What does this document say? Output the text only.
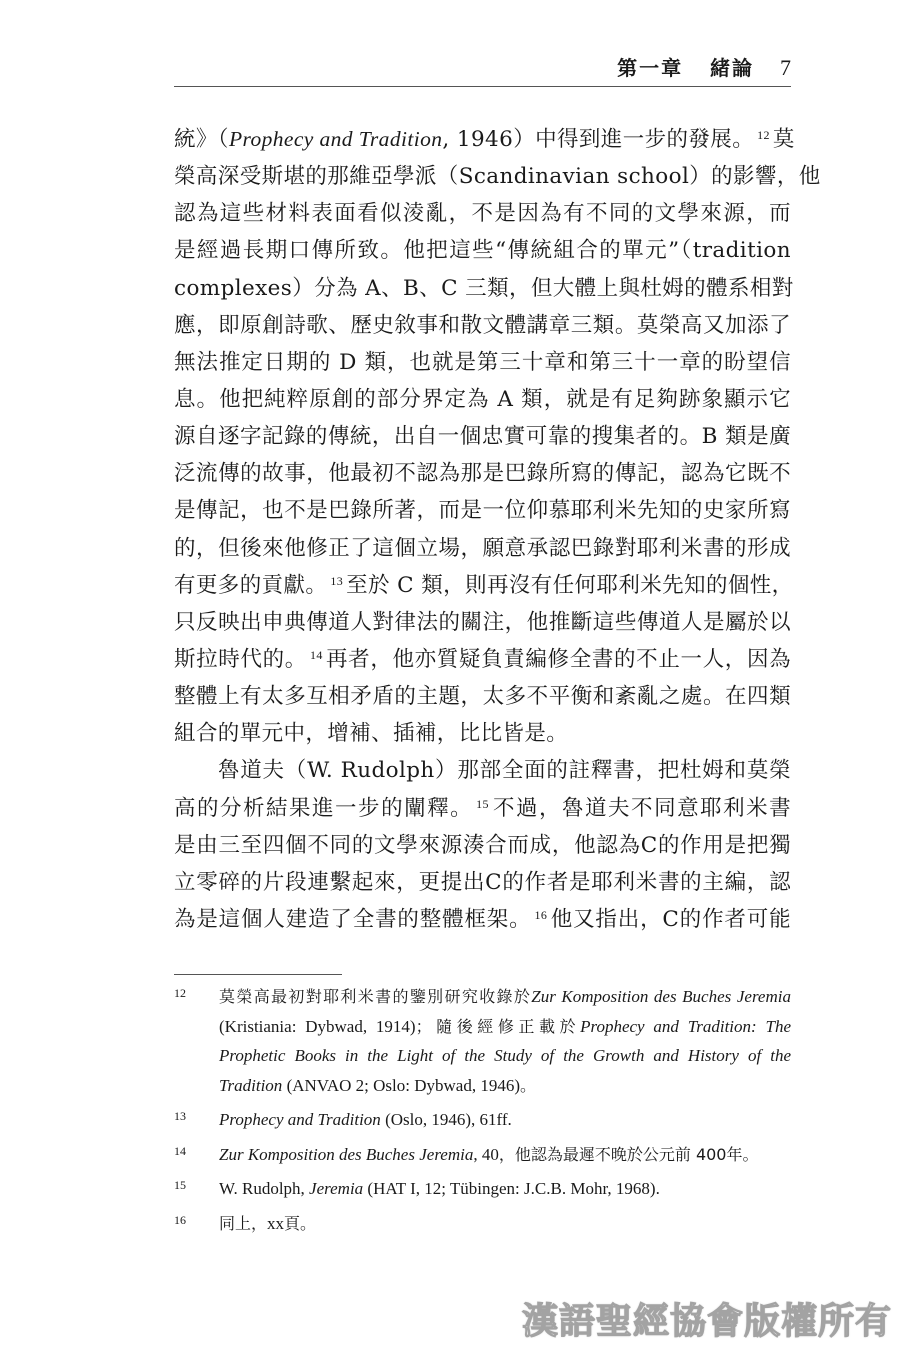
第一章 緒論 7
統》（Prophecy and Tradition, 1946）中得到進一步的發展。 $^{12}$ 莫
榮高深受斯堪的那維亞學派（Scandinavian school）的影響，他
認為這些材料表面看似淩亂，不是因為有不同的文學來源，而
是經過長期口傳所致。他把這些“傳統組合的單元”（tradition
complexes）分為 A、B、C 三類，但大體上與杜姆的體系相對
應，即原創詩歌、歷史敘事和散文體講章三類。莫榮高又加添了
無法推定日期的 D 類，也就是第三十章和第三十一章的盼望信
息。他把純粹原創的部分界定為 A 類，就是有足夠跡象顯示它
源自逐字記錄的傳統，出自一個忠實可靠的搜集者的。B 類是廣
泛流傳的故事，他最初不認為那是巴錄所寫的傳記，認為它既不
是傳記，也不是巴錄所著，而是一位仰慕耶利米先知的史家所寫
的，但後來他修正了這個立場，願意承認巴錄對耶利米書的形成
有更多的貢獻。 $^{13}$ 至於 C 類，則再沒有任何耶利米先知的個性，
只反映出申典傳道人對律法的關注，他推斷這些傳道人是屬於以
斯拉時代的。 $^{14}$ 再者，他亦質疑負責編修全書的不止一人，因為
整體上有太多互相矛盾的主題，太多不平衡和紊亂之處。在四類
組合的單元中，增補、插補，比比皆是。
魯道夫（W. Rudolph）那部全面的註釋書，把杜姆和莫榮
高的分析結果進一步的闡釋。 $^{15}$ 不過，魯道夫不同意耶利米書
是由三至四個不同的文學來源湊合而成，他認為C的作用是把獨
立零碎的片段連繫起來，更提出C的作者是耶利米書的主編，認
為是這個人建造了全書的整體框架。 $^{16}$ 他又指出，C的作者可能
12	莫榮高最初對耶利米書的鑒別研究收錄於Zur Komposition des Buches Jeremia (Kristiania: Dybwad, 1914)；隨後經修正載於Prophecy and Tradition: The Prophetic Books in the Light of the Study of the Growth and History of the Tradition (ANVAO 2; Oslo: Dybwad, 1946)。
13	Prophecy and Tradition (Oslo, 1946), 61ff.
14	Zur Komposition des Buches Jeremia, 40，他認為最遲不晚於公元前 400年。
15	W. Rudolph, Jeremia (HAT I, 12; Tübingen: J.C.B. Mohr, 1968).
16	同上，xx頁。
漢語聖經協會版權所有
